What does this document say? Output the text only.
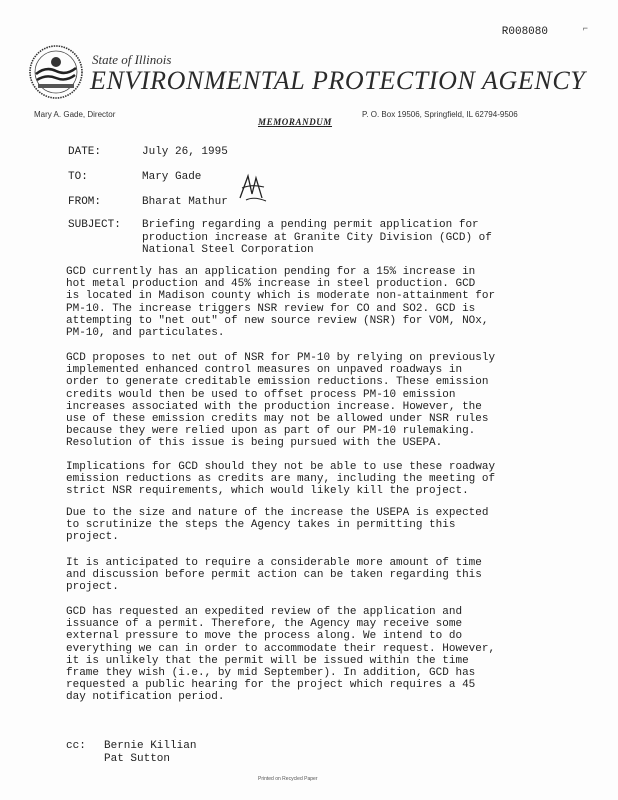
R008080	⌐
State of Illinois
ENVIRONMENTAL PROTECTION AGENCY
Mary A. Gade, Director
MEMORANDUM
P. O. Box 19506, Springfield, IL 62794-9506
DATE:	July 26, 1995
TO:	Mary Gade
FROM:	Bharat Mathur
SUBJECT: Briefing regarding a pending permit application for
production increase at Granite City Division (GCD) of
National Steel Corporation
GCD currently has an application pending for a 15% increase in
hot metal production and 45% increase in steel production. GCD
is located in Madison county which is moderate non-attainment for
PM-10. The increase triggers NSR review for CO and SO2. GCD is
attempting to "net out" of new source review (NSR) for VOM, NOx,
PM-10, and particulates.
GCD proposes to net out of NSR for PM-10 by relying on previously
implemented enhanced control measures on unpaved roadways in
order to generate creditable emission reductions. These emission
credits would then be used to offset process PM-10 emission
increases associated with the production increase. However, the
use of these emission credits may not be allowed under NSR rules
because they were relied upon as part of our PM-10 rulemaking.
Resolution of this issue is being pursued with the USEPA.
Implications for GCD should they not be able to use these roadway
emission reductions as credits are many, including the meeting of
strict NSR requirements, which would likely kill the project.
Due to the size and nature of the increase the USEPA is expected
to scrutinize the steps the Agency takes in permitting this
project.
It is anticipated to require a considerable more amount of time
and discussion before permit action can be taken regarding this
project.
GCD has requested an expedited review of the application and
issuance of a permit. Therefore, the Agency may receive some
external pressure to move the process along. We intend to do
everything we can in order to accommodate their request. However,
it is unlikely that the permit will be issued within the time
frame they wish (i.e., by mid September). In addition, GCD has
requested a public hearing for the project which requires a 45
day notification period.
cc: Bernie Killian
Pat Sutton
Printed on Recycled Paper
